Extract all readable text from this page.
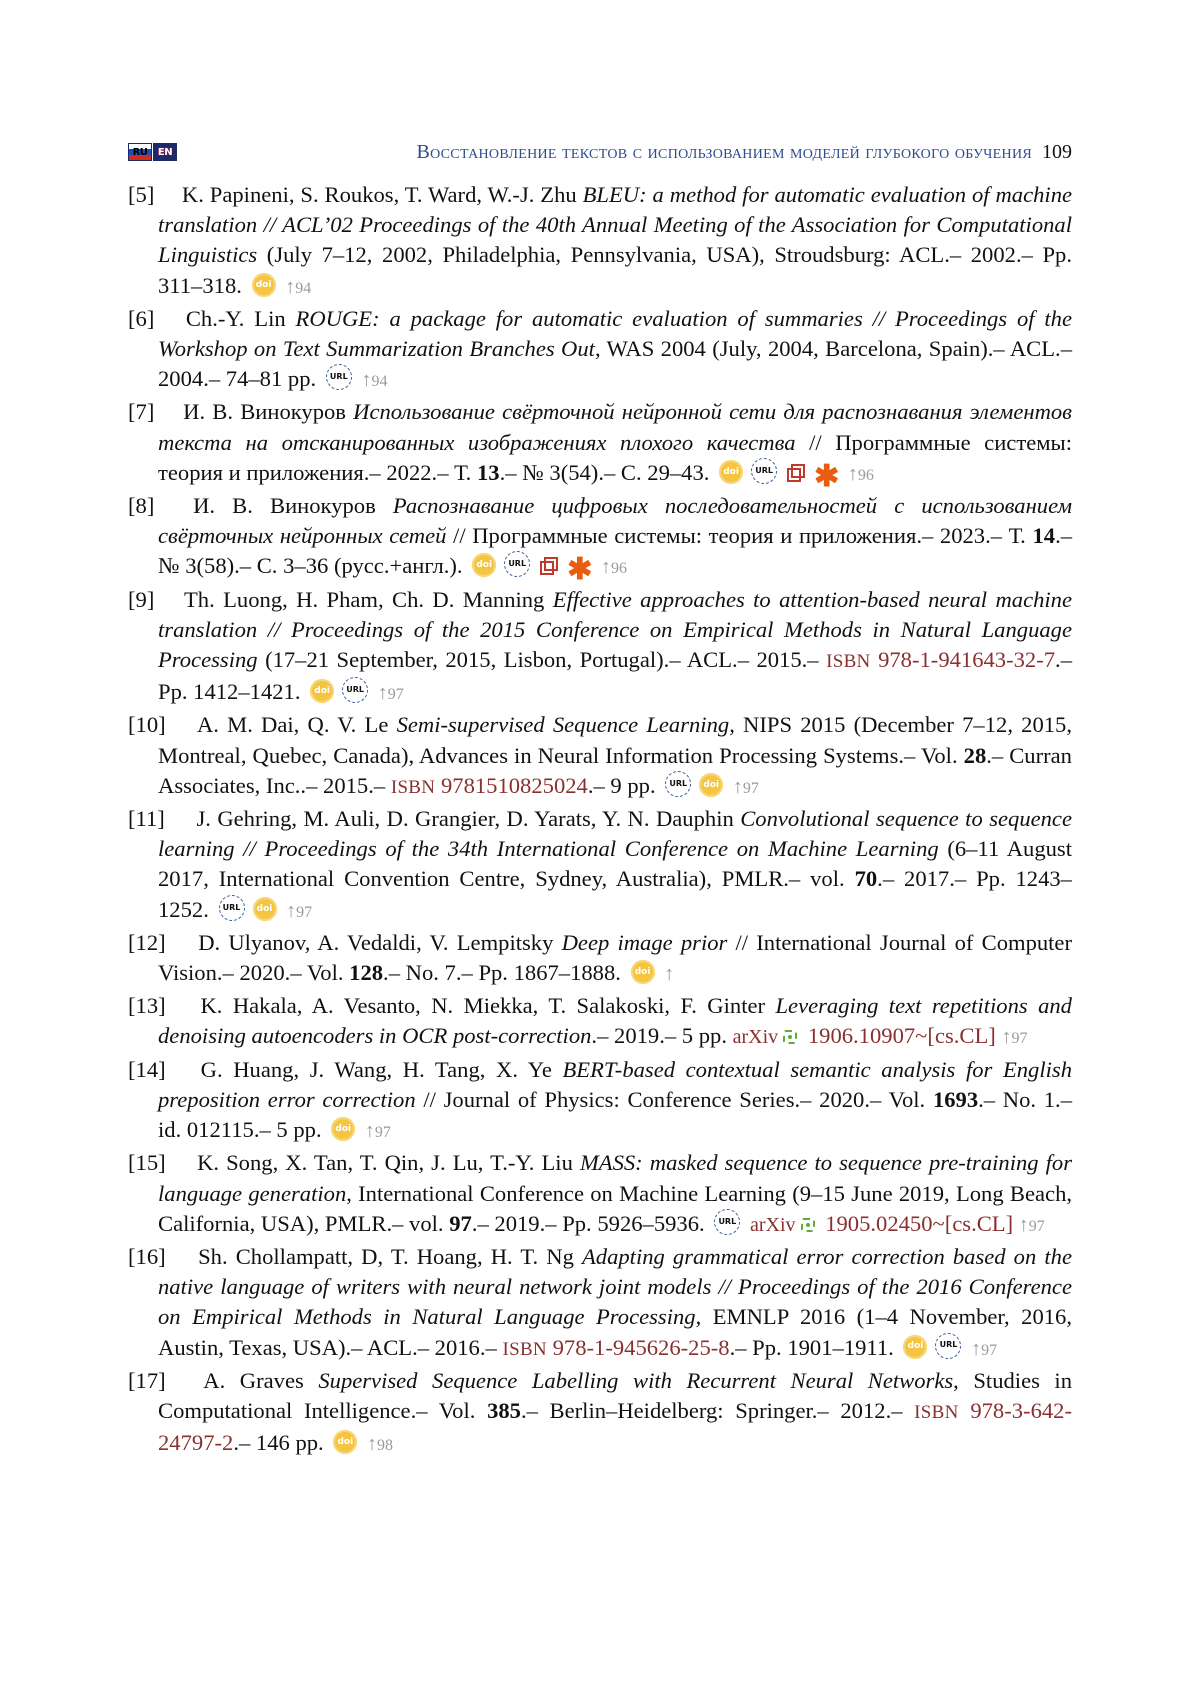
RU	EN	Восстановление текстов с использованием моделей глубокого обучения 109

[5] K. Papineni, S. Roukos, T. Ward, W.-J. Zhu BLEU: a method for automatic evaluation of machine translation // ACL’02 Proceedings of the 40th Annual Meeting of the Association for Computational Linguistics (July 7–12, 2002, Philadelphia, Pennsylvania, USA), Stroudsburg: ACL.– 2002.– Pp. 311–318. doi ↑94

[6] Ch.-Y. Lin ROUGE: a package for automatic evaluation of summaries // Proceedings of the Workshop on Text Summarization Branches Out, WAS 2004 (July, 2004, Barcelona, Spain).– ACL.– 2004.– 74–81 pp. URL ↑94

[7] И. В. Винокуров Использование свёрточной нейронной сети для распознавания элементов текста на отсканированных изображениях плохого качества // Программные системы: теория и приложения.– 2022.– Т. 13.– № 3(54).– С. 29–43. doi URL	✱ ↑96

[8] И. В. Винокуров Распознавание цифровых последовательностей с использованием свёрточных нейронных сетей // Программные системы: теория и приложения.– 2023.– Т. 14.– № 3(58).– С. 3–36 (русс.+англ.). doi URL	✱ ↑96

[9] Th. Luong, H. Pham, Ch. D. Manning Effective approaches to attention-based neural machine translation // Proceedings of the 2015 Conference on Empirical Methods in Natural Language Processing (17–21 September, 2015, Lisbon, Portugal).– ACL.– 2015.– ISBN 978-1-941643-32-7.– Pp. 1412–1421. doi URL	↑97

[10] A. M. Dai, Q. V. Le Semi-supervised Sequence Learning, NIPS 2015 (December 7–12, 2015, Montreal, Quebec, Canada), Advances in Neural Information Processing Systems.– Vol. 28.– Curran Associates, Inc..– 2015.– ISBN 9781510825024.– 9 pp. URL doi	↑97

[11] J. Gehring, M. Auli, D. Grangier, D. Yarats, Y. N. Dauphin Convolutional sequence to sequence learning // Proceedings of the 34th International Conference on Machine Learning (6–11 August 2017, International Convention Centre, Sydney, Australia), PMLR.– vol. 70.– 2017.– Pp. 1243–1252. URL doi	↑97

[12] D. Ulyanov, A. Vedaldi, V. Lempitsky Deep image prior // International Journal of Computer Vision.– 2020.– Vol. 128.– No. 7.– Pp. 1867–1888. doi ↑

[13] K. Hakala, A. Vesanto, N. Miekka, T. Salakoski, F. Ginter Leveraging text repetitions and denoising autoencoders in OCR post-correction.– 2019.– 5 pp. arXiv 1906.10907~[cs.CL] ↑97

[14] G. Huang, J. Wang, H. Tang, X. Ye BERT-based contextual semantic analysis for English preposition error correction // Journal of Physics: Conference Series.– 2020.– Vol. 1693.– No. 1.– id. 012115.– 5 pp. doi ↑97

[15] K. Song, X. Tan, T. Qin, J. Lu, T.-Y. Liu MASS: masked sequence to sequence pre-training for language generation, International Conference on Machine Learning (9–15 June 2019, Long Beach, California, USA), PMLR.– vol. 97.– 2019.– Pp. 5926–5936. URL arXiv 1905.02450~[cs.CL] ↑97

[16] Sh. Chollampatt, D, T. Hoang, H. T. Ng Adapting grammatical error correction based on the native language of writers with neural network joint models // Proceedings of the 2016 Conference on Empirical Methods in Natural Language Processing, EMNLP 2016 (1–4 November, 2016, Austin, Texas, USA).– ACL.– 2016.– ISBN 978-1-945626-25-8.– Pp. 1901–1911. doi URL	↑97

[17] A. Graves Supervised Sequence Labelling with Recurrent Neural Networks, Studies in Computational Intelligence.– Vol. 385.– Berlin–Heidelberg: Springer.– 2012.– ISBN 978-3-642-24797-2.– 146 pp. doi ↑98
